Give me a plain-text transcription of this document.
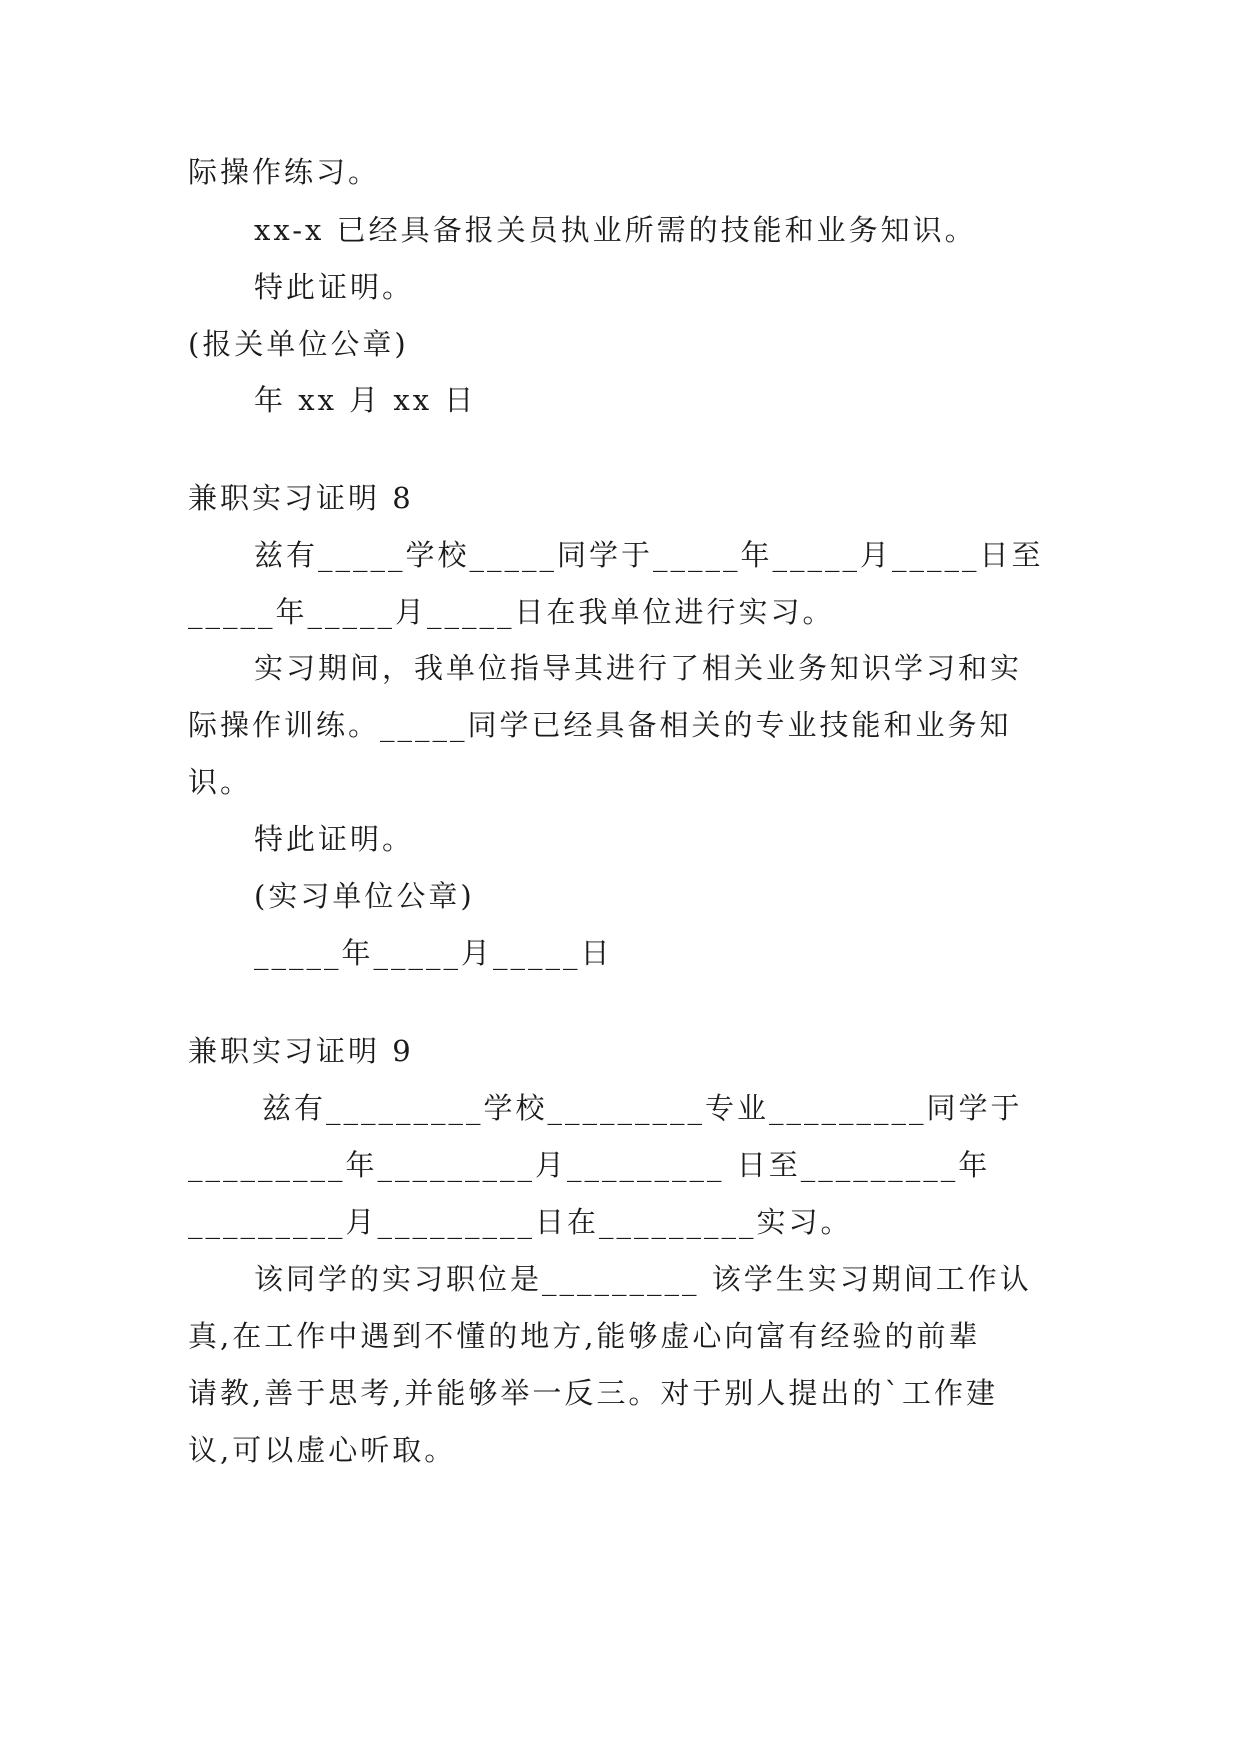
际操作练习。
xx-x 已经具备报关员执业所需的技能和业务知识。
特此证明。
(报关单位公章)
年 xx 月 xx 日
兼职实习证明 8
兹有_____学校_____同学于_____年_____月_____日至
_____年_____月_____日在我单位进行实习。
实习期间，我单位指导其进行了相关业务知识学习和实
际操作训练。_____同学已经具备相关的专业技能和业务知
识。
特此证明。
(实习单位公章)
_____年_____月_____日
兼职实习证明 9
兹有_________学校_________专业_________同学于
_________年_________月_________ 日至_________年
_________月_________日在_________实习。
该同学的实习职位是_________ 该学生实习期间工作认
真,在工作中遇到不懂的地方,能够虚心向富有经验的前辈
请教,善于思考,并能够举一反三。对于别人提出的`工作建
议,可以虚心听取。
